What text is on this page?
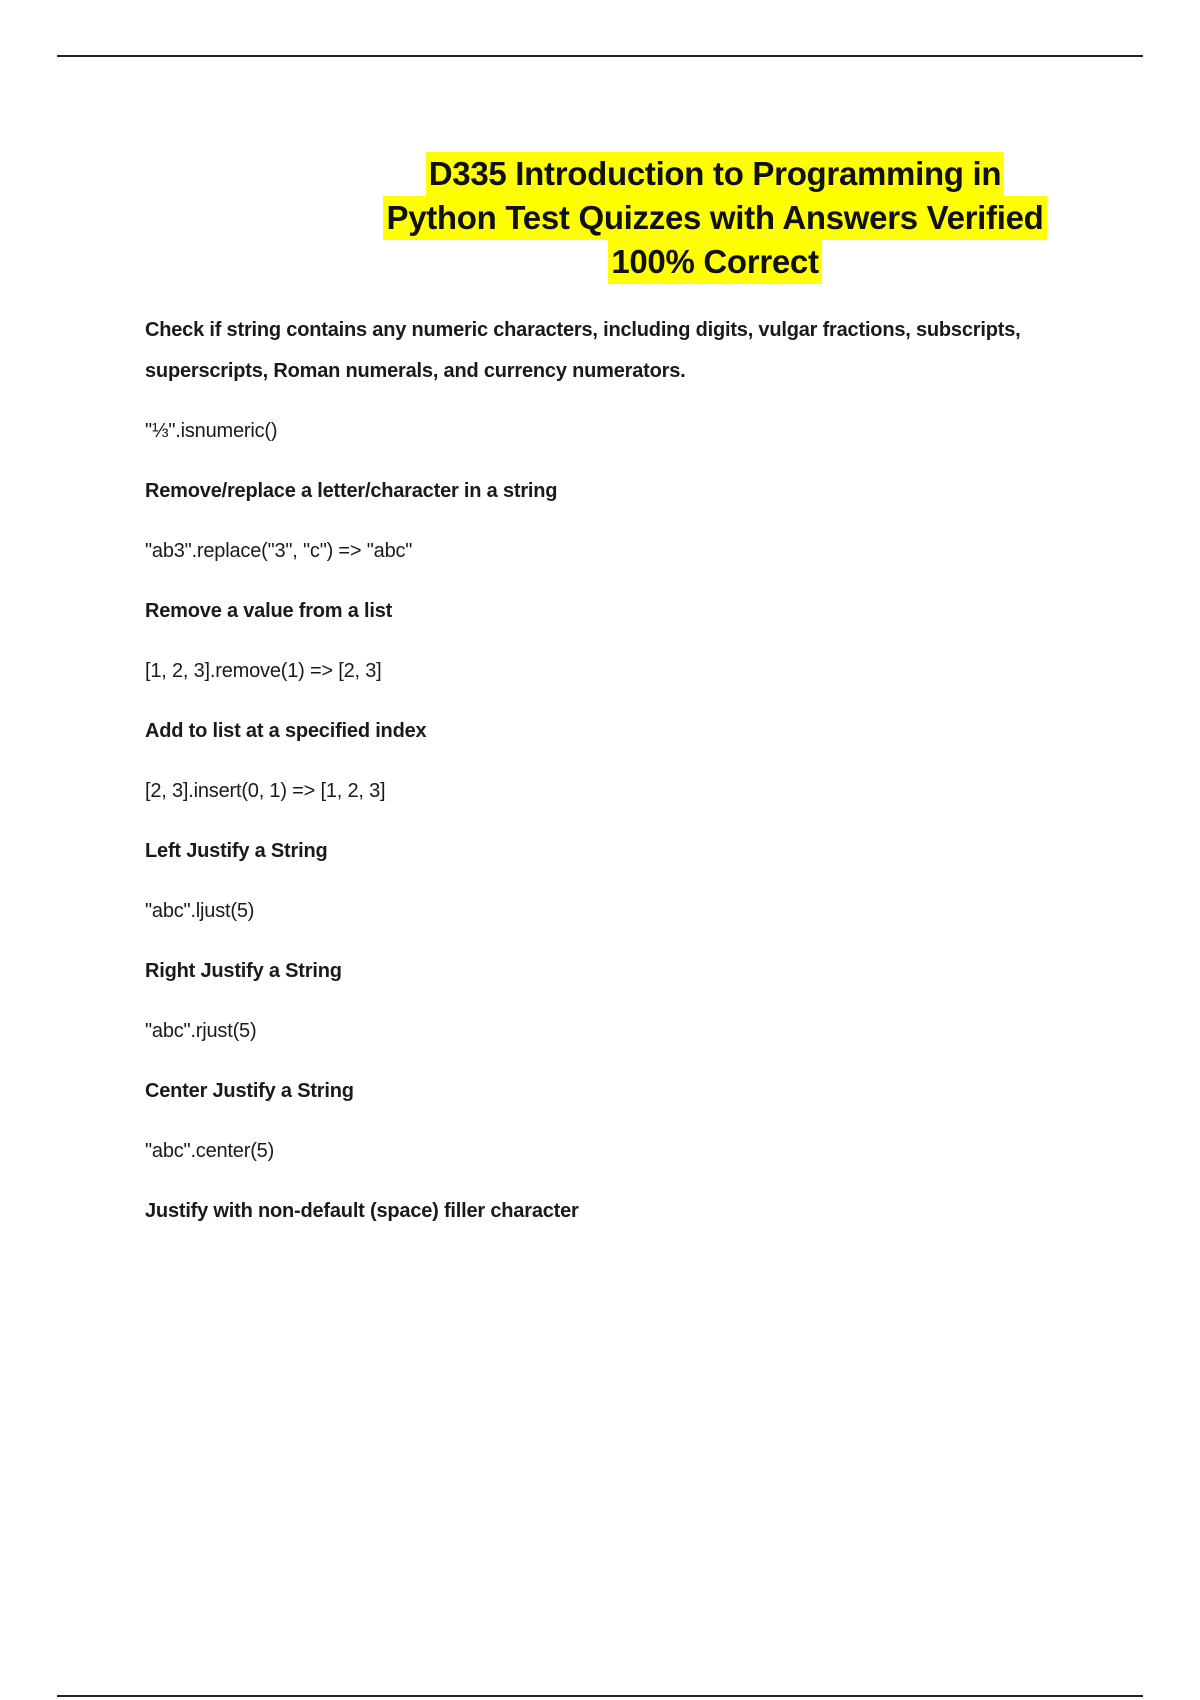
D335 Introduction to Programming in
Python Test Quizzes with Answers Verified
100% Correct
Check if string contains any numeric characters, including digits, vulgar fractions, subscripts, superscripts, Roman numerals, and currency numerators.
"⅓".isnumeric()
Remove/replace a letter/character in a string
"ab3".replace("3", "c") => "abc"
Remove a value from a list
[1, 2, 3].remove(1) => [2, 3]
Add to list at a specified index
[2, 3].insert(0, 1) => [1, 2, 3]
Left Justify a String
"abc".ljust(5)
Right Justify a String
"abc".rjust(5)
Center Justify a String
"abc".center(5)
Justify with non-default (space) filler character
